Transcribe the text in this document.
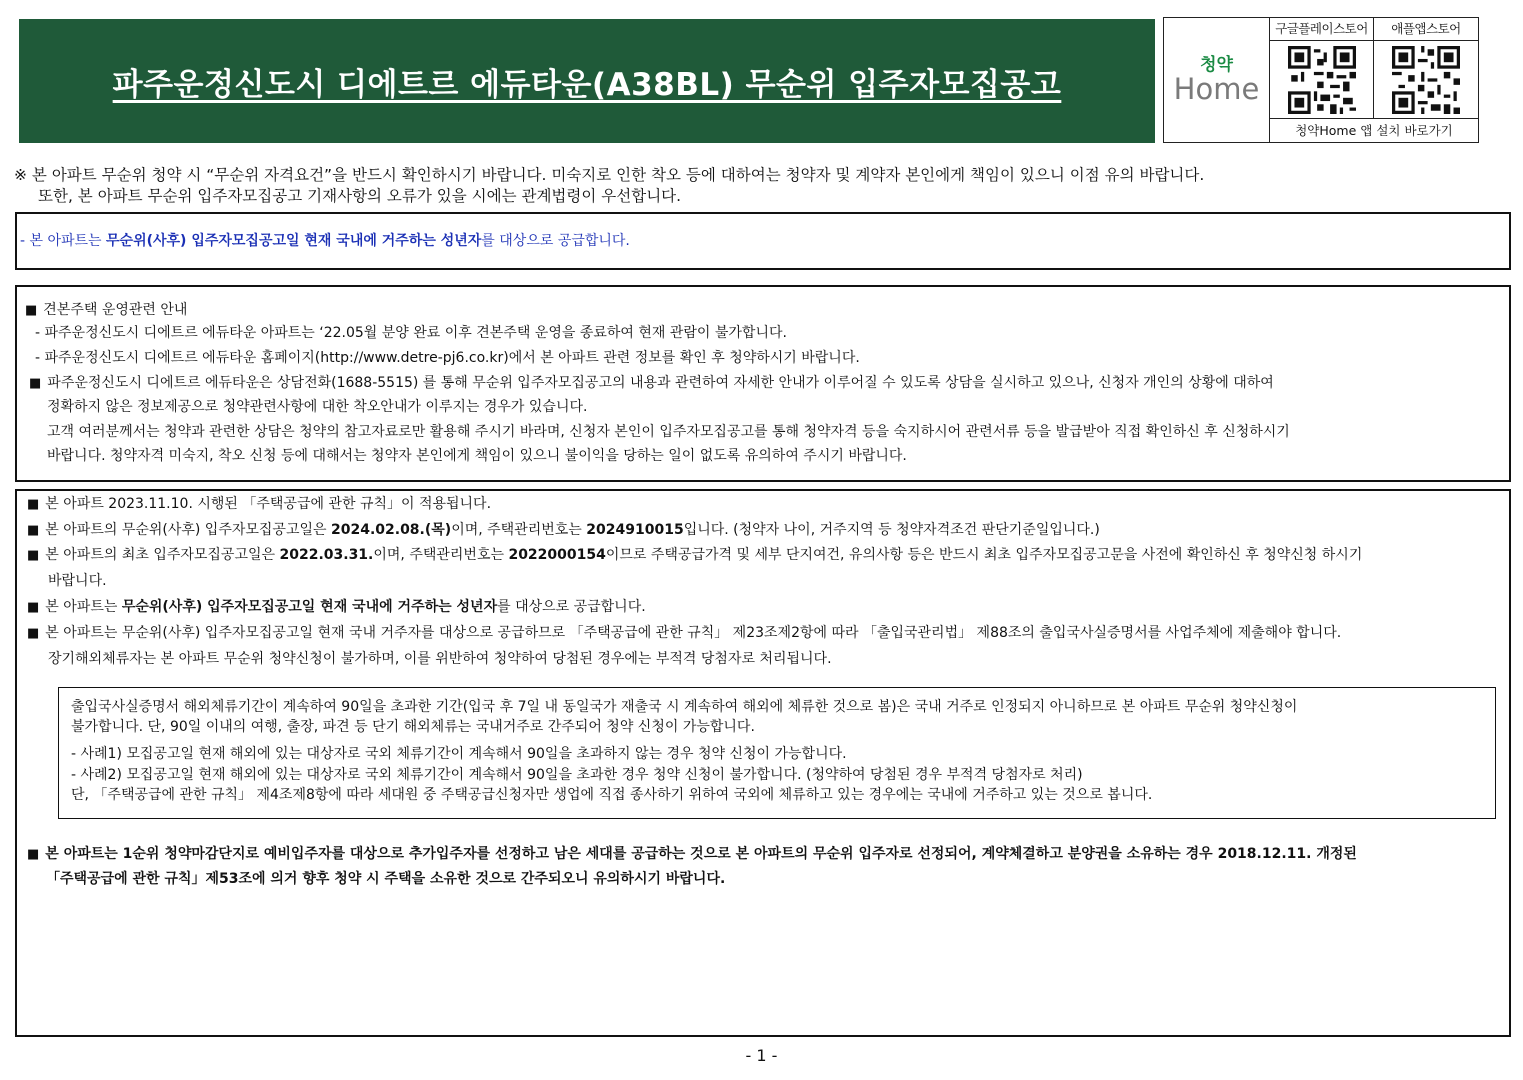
파주운정신도시 디에트르 에듀타운(A38BL) 무순위 입주자모집공고
청약
Home
구글플레이스토어	애플앱스토어
청약Home 앱 설치 바로가기
※ 본 아파트 무순위 청약 시 “무순위 자격요건”을 반드시 확인하시기 바랍니다. 미숙지로 인한 착오 등에 대하여는 청약자 및 계약자 본인에게 책임이 있으니 이점 유의 바랍니다.
또한, 본 아파트 무순위 입주자모집공고 기재사항의 오류가 있을 시에는 관계법령이 우선합니다.
- 본 아파트는 무순위(사후) 입주자모집공고일 현재 국내에 거주하는 성년자를 대상으로 공급합니다.
■ 견본주택 운영관련 안내
- 파주운정신도시 디에트르 에듀타운 아파트는 ‘22.05월 분양 완료 이후 견본주택 운영을 종료하여 현재 관람이 불가합니다.
- 파주운정신도시 디에트르 에듀타운 홈페이지(http://www.detre-pj6.co.kr)에서 본 아파트 관련 정보를 확인 후 청약하시기 바랍니다.
■ 파주운정신도시 디에트르 에듀타운은 상담전화(1688-5515) 를 통해 무순위 입주자모집공고의 내용과 관련하여 자세한 안내가 이루어질 수 있도록 상담을 실시하고 있으나, 신청자 개인의 상황에 대하여
정확하지 않은 정보제공으로 청약관련사항에 대한 착오안내가 이루지는 경우가 있습니다.
고객 여러분께서는 청약과 관련한 상담은 청약의 참고자료로만 활용해 주시기 바라며, 신청자 본인이 입주자모집공고를 통해 청약자격 등을 숙지하시어 관련서류 등을 발급받아 직접 확인하신 후 신청하시기
바랍니다. 청약자격 미숙지, 착오 신청 등에 대해서는 청약자 본인에게 책임이 있으니 불이익을 당하는 일이 없도록 유의하여 주시기 바랍니다.
■ 본 아파트 2023.11.10. 시행된 「주택공급에 관한 규칙」이 적용됩니다.
■ 본 아파트의 무순위(사후) 입주자모집공고일은 2024.02.08.(목)이며, 주택관리번호는 2024910015입니다. (청약자 나이, 거주지역 등 청약자격조건 판단기준일입니다.)
■ 본 아파트의 최초 입주자모집공고일은 2022.03.31.이며, 주택관리번호는 2022000154이므로 주택공급가격 및 세부 단지여건, 유의사항 등은 반드시 최초 입주자모집공고문을 사전에 확인하신 후 청약신청 하시기
바랍니다.
■ 본 아파트는 무순위(사후) 입주자모집공고일 현재 국내에 거주하는 성년자를 대상으로 공급합니다.
■ 본 아파트는 무순위(사후) 입주자모집공고일 현재 국내 거주자를 대상으로 공급하므로 「주택공급에 관한 규칙」 제23조제2항에 따라 「출입국관리법」 제88조의 출입국사실증명서를 사업주체에 제출해야 합니다.
장기해외체류자는 본 아파트 무순위 청약신청이 불가하며, 이를 위반하여 청약하여 당첨된 경우에는 부적격 당첨자로 처리됩니다.
출입국사실증명서 해외체류기간이 계속하여 90일을 초과한 기간(입국 후 7일 내 동일국가 재출국 시 계속하여 해외에 체류한 것으로 봄)은 국내 거주로 인정되지 아니하므로 본 아파트 무순위 청약신청이
불가합니다. 단, 90일 이내의 여행, 출장, 파견 등 단기 해외체류는 국내거주로 간주되어 청약 신청이 가능합니다.
- 사례1) 모집공고일 현재 해외에 있는 대상자로 국외 체류기간이 계속해서 90일을 초과하지 않는 경우 청약 신청이 가능합니다.
- 사례2) 모집공고일 현재 해외에 있는 대상자로 국외 체류기간이 계속해서 90일을 초과한 경우 청약 신청이 불가합니다. (청약하여 당첨된 경우 부적격 당첨자로 처리)
단, 「주택공급에 관한 규칙」 제4조제8항에 따라 세대원 중 주택공급신청자만 생업에 직접 종사하기 위하여 국외에 체류하고 있는 경우에는 국내에 거주하고 있는 것으로 봅니다.
■ 본 아파트는 1순위 청약마감단지로 예비입주자를 대상으로 추가입주자를 선정하고 남은 세대를 공급하는 것으로 본 아파트의 무순위 입주자로 선정되어, 계약체결하고 분양권을 소유하는 경우 2018.12.11. 개정된
「주택공급에 관한 규칙」제53조에 의거 향후 청약 시 주택을 소유한 것으로 간주되오니 유의하시기 바랍니다.
- 1 -
